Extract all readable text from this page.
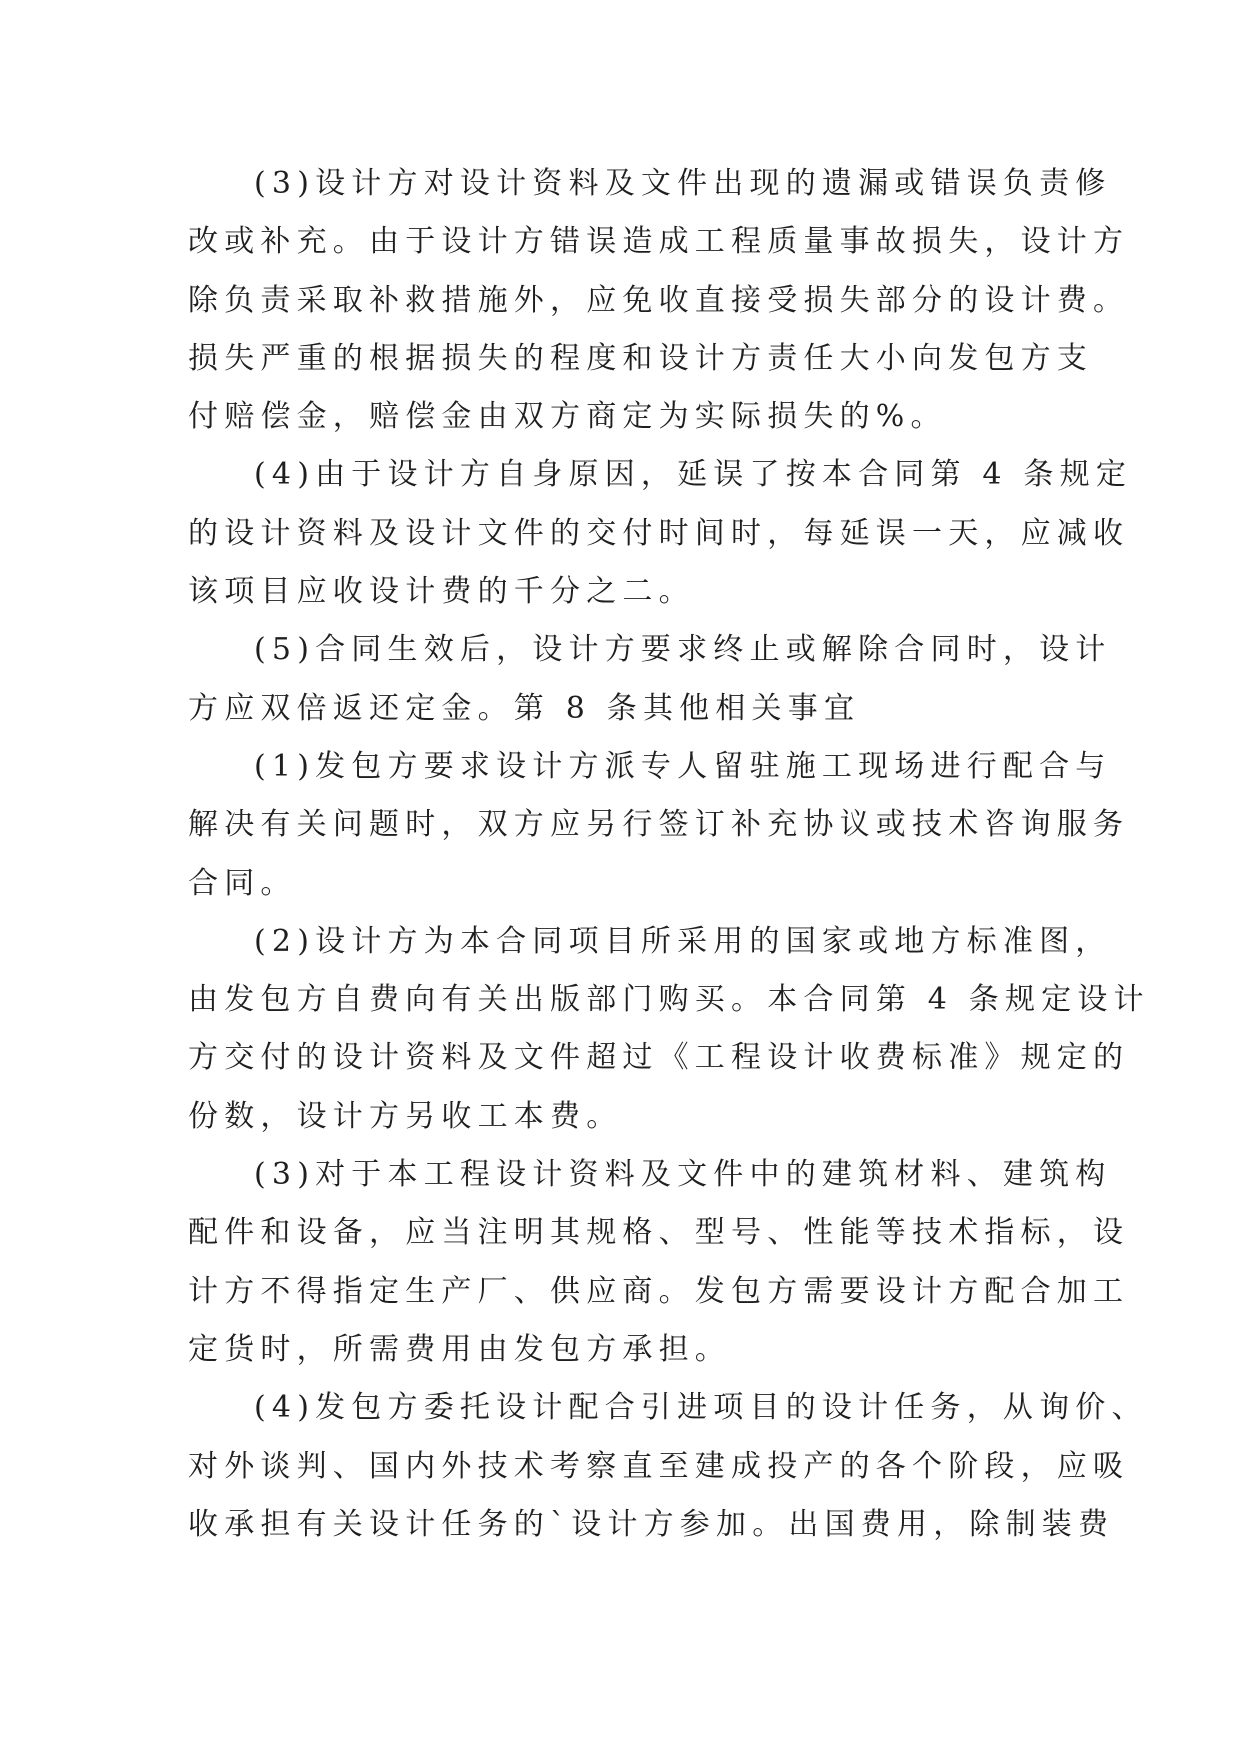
(3)设计方对设计资料及文件出现的遗漏或错误负责修
改或补充。由于设计方错误造成工程质量事故损失，设计方
除负责采取补救措施外，应免收直接受损失部分的设计费。
损失严重的根据损失的程度和设计方责任大小向发包方支
付赔偿金，赔偿金由双方商定为实际损失的%。
(4)由于设计方自身原因，延误了按本合同第 4 条规定
的设计资料及设计文件的交付时间时，每延误一天，应减收
该项目应收设计费的千分之二。
(5)合同生效后，设计方要求终止或解除合同时，设计
方应双倍返还定金。第 8 条其他相关事宜
(1)发包方要求设计方派专人留驻施工现场进行配合与
解决有关问题时，双方应另行签订补充协议或技术咨询服务
合同。
(2)设计方为本合同项目所采用的国家或地方标准图，
由发包方自费向有关出版部门购买。本合同第 4 条规定设计
方交付的设计资料及文件超过《工程设计收费标准》规定的
份数，设计方另收工本费。
(3)对于本工程设计资料及文件中的建筑材料、建筑构
配件和设备，应当注明其规格、型号、性能等技术指标，设
计方不得指定生产厂、供应商。发包方需要设计方配合加工
定货时，所需费用由发包方承担。
(4)发包方委托设计配合引进项目的设计任务，从询价、
对外谈判、国内外技术考察直至建成投产的各个阶段，应吸
收承担有关设计任务的`设计方参加。出国费用，除制装费
